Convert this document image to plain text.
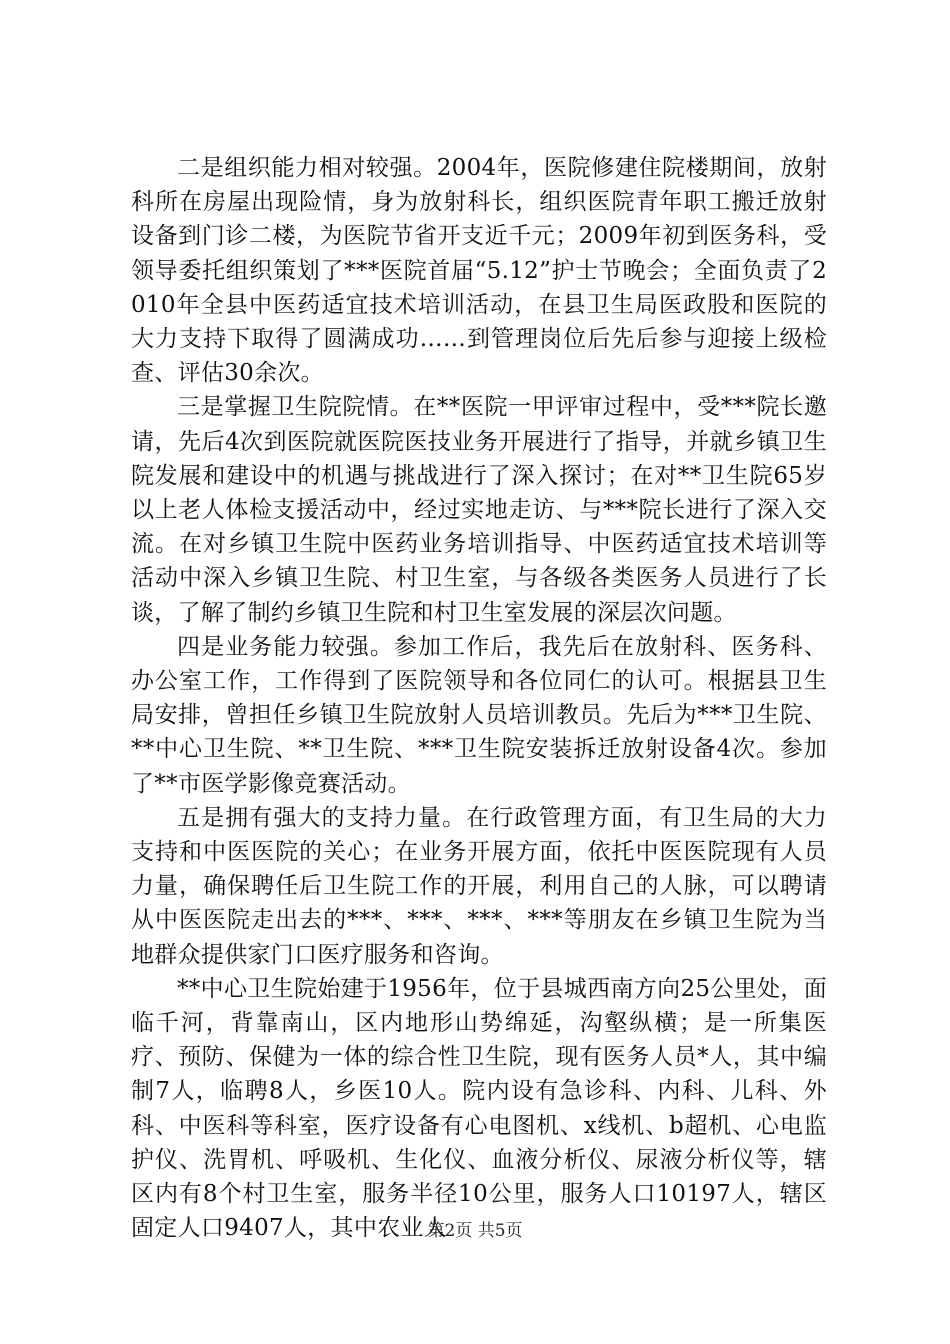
二是组织能力相对较强。2004年，医院修建住院楼期间，放射科所在房屋出现险情，身为放射科长，组织医院青年职工搬迁放射设备到门诊二楼，为医院节省开支近千元；2009年初到医务科，受领导委托组织策划了***医院首届“5.12”护士节晚会；全面负责了2010年全县中医药适宜技术培训活动，在县卫生局医政股和医院的大力支持下取得了圆满成功……到管理岗位后先后参与迎接上级检查、评估30余次。

三是掌握卫生院院情。在**医院一甲评审过程中，受***院长邀请，先后4次到医院就医院医技业务开展进行了指导，并就乡镇卫生院发展和建设中的机遇与挑战进行了深入探讨；在对**卫生院65岁以上老人体检支援活动中，经过实地走访、与***院长进行了深入交流。在对乡镇卫生院中医药业务培训指导、中医药适宜技术培训等活动中深入乡镇卫生院、村卫生室，与各级各类医务人员进行了长谈，了解了制约乡镇卫生院和村卫生室发展的深层次问题。

四是业务能力较强。参加工作后，我先后在放射科、医务科、办公室工作，工作得到了医院领导和各位同仁的认可。根据县卫生局安排，曾担任乡镇卫生院放射人员培训教员。先后为***卫生院、**中心卫生院、**卫生院、***卫生院安装拆迁放射设备4次。参加了**市医学影像竞赛活动。

五是拥有强大的支持力量。在行政管理方面，有卫生局的大力支持和中医医院的关心；在业务开展方面，依托中医医院现有人员力量，确保聘任后卫生院工作的开展，利用自己的人脉，可以聘请从中医医院走出去的***、***、***、***等朋友在乡镇卫生院为当地群众提供家门口医疗服务和咨询。

**中心卫生院始建于1956年，位于县城西南方向25公里处，面临千河，背靠南山，区内地形山势绵延，沟壑纵横；是一所集医疗、预防、保健为一体的综合性卫生院，现有医务人员*人，其中编制7人，临聘8人，乡医10人。院内设有急诊科、内科、儿科、外科、中医科等科室，医疗设备有心电图机、x线机、b超机、心电监护仪、洗胃机、呼吸机、生化仪、血液分析仪、尿液分析仪等，辖区内有8个村卫生室，服务半径10公里，服务人口10197人，辖区固定人口9407人，其中农业人

第2页 共5页
